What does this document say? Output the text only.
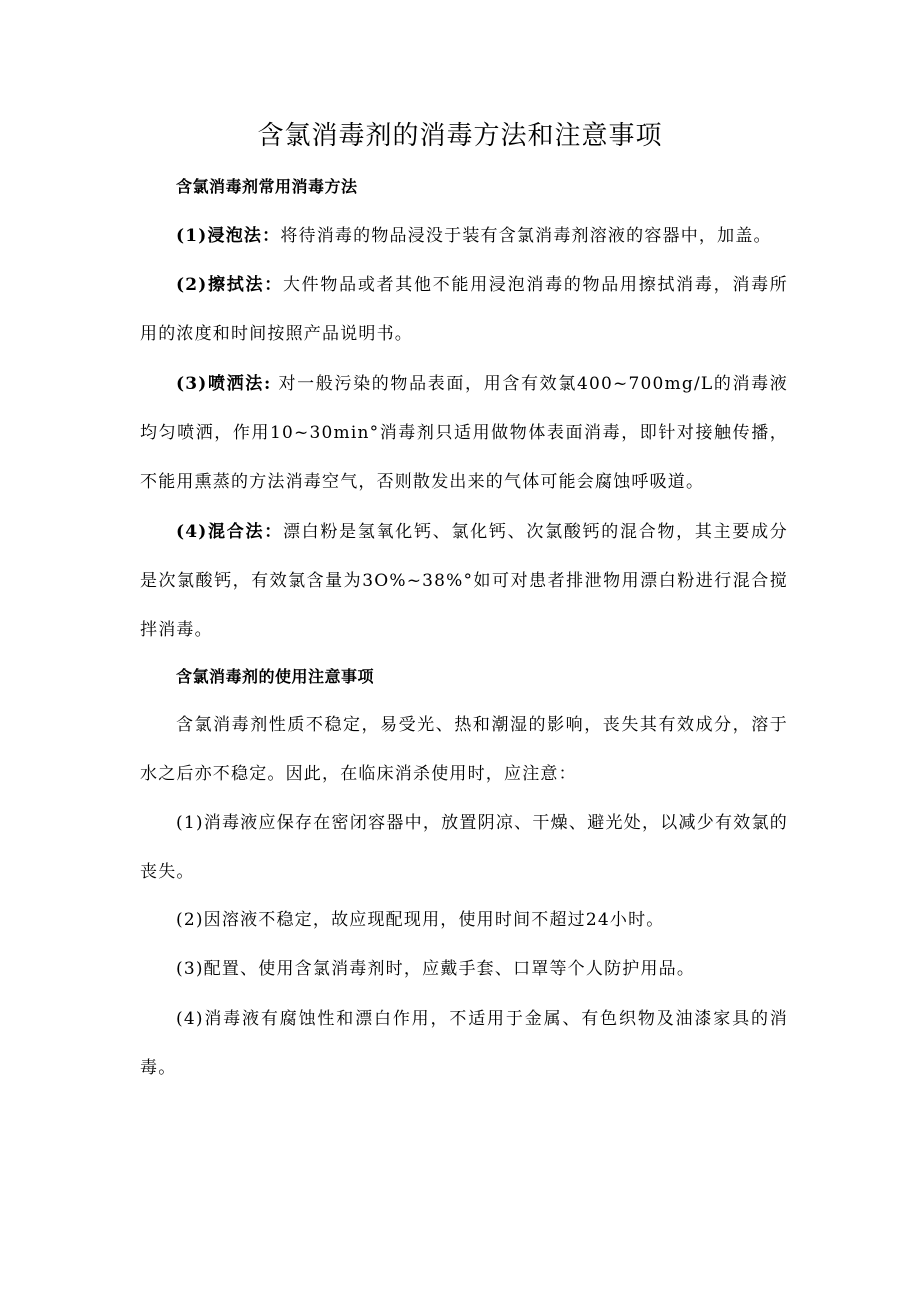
含氯消毒剂的消毒方法和注意事项
含氯消毒剂常用消毒方法

(1)浸泡法：将待消毒的物品浸没于装有含氯消毒剂溶液的容器中，加盖。

(2)擦拭法：大件物品或者其他不能用浸泡消毒的物品用擦拭消毒，消毒所用的浓度和时间按照产品说明书。

(3)喷洒法: 对一般污染的物品表面，用含有效氯400~700mg/L的消毒液均匀喷洒，作用10~30min°消毒剂只适用做物体表面消毒，即针对接触传播，不能用熏蒸的方法消毒空气，否则散发出来的气体可能会腐蚀呼吸道。

(4)混合法：漂白粉是氢氧化钙、氯化钙、次氯酸钙的混合物，其主要成分是次氯酸钙，有效氯含量为3O%~38%°如可对患者排泄物用漂白粉进行混合搅拌消毒。

含氯消毒剂的使用注意事项

含氯消毒剂性质不稳定，易受光、热和潮湿的影响，丧失其有效成分，溶于水之后亦不稳定。因此，在临床消杀使用时，应注意：

(1)消毒液应保存在密闭容器中，放置阴凉、干燥、避光处，以减少有效氯的丧失。

(2)因溶液不稳定，故应现配现用，使用时间不超过24小时。

(3)配置、使用含氯消毒剂时，应戴手套、口罩等个人防护用品。

(4)消毒液有腐蚀性和漂白作用，不适用于金属、有色织物及油漆家具的消毒。
